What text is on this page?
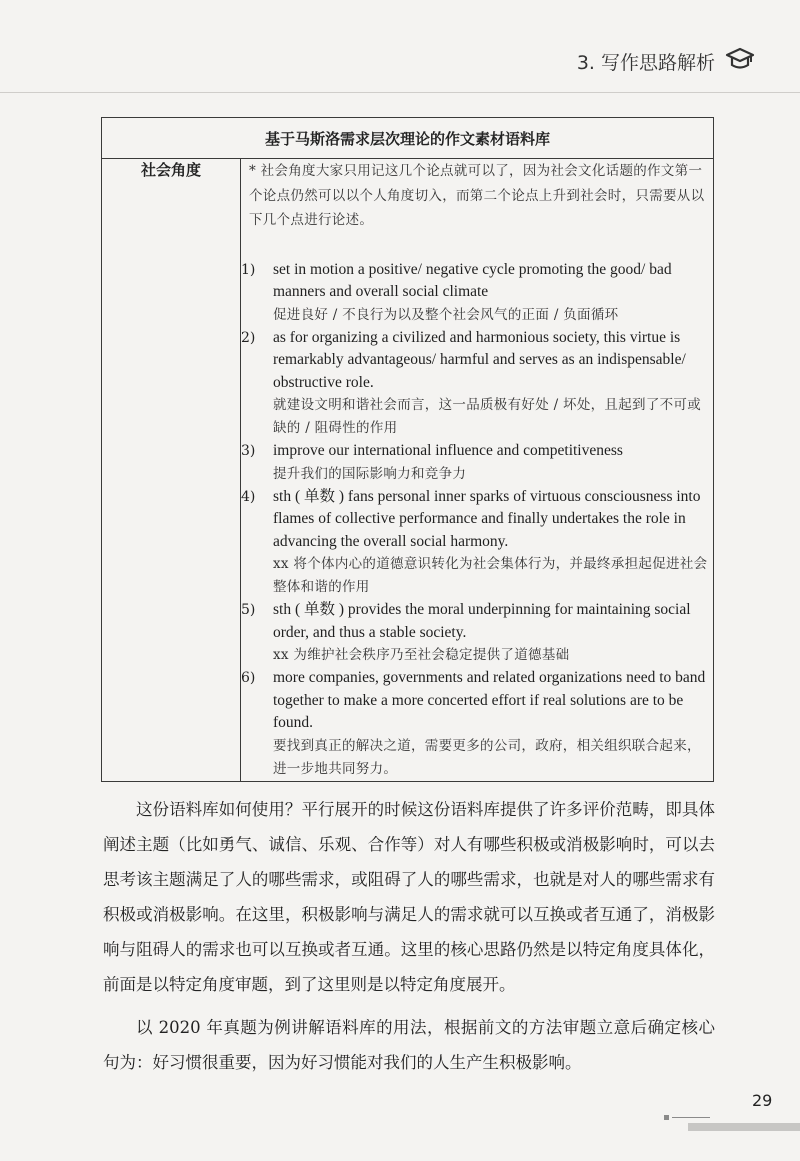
3. 写作思路解析
基于马斯洛需求层次理论的作文素材语料库
社会角度	* 社会角度大家只用记这几个论点就可以了，因为社会文化话题的作文第一个论点仍然可以以个人角度切入，而第二个论点上升到社会时，只需要从以下几个点进行论述。

1)	set in motion a positive/ negative cycle promoting the good/ bad manners and overall social climate
促进良好 / 不良行为以及整个社会风气的正面 / 负面循环
2)	as for organizing a civilized and harmonious society, this virtue is remarkably advantageous/ harmful and serves as an indispensable/ obstructive role.
就建设文明和谐社会而言，这一品质极有好处 / 坏处，且起到了不可或缺的 / 阻碍性的作用
3)	improve our international influence and competitiveness
提升我们的国际影响力和竞争力
4)	sth ( 单数 ) fans personal inner sparks of virtuous consciousness into flames of collective performance and finally undertakes the role in advancing the overall social harmony.
xx 将个体内心的道德意识转化为社会集体行为，并最终承担起促进社会整体和谐的作用
5)	sth ( 单数 ) provides the moral underpinning for maintaining social order, and thus a stable society.
xx 为维护社会秩序乃至社会稳定提供了道德基础
6)	more companies, governments and related organizations need to band together to make a more concerted effort if real solutions are to be found.
要找到真正的解决之道，需要更多的公司，政府，相关组织联合起来，进一步地共同努力。

这份语料库如何使用？平行展开的时候这份语料库提供了许多评价范畴，即具体阐述主题（比如勇气、诚信、乐观、合作等）对人有哪些积极或消极影响时，可以去思考该主题满足了人的哪些需求，或阻碍了人的哪些需求，也就是对人的哪些需求有积极或消极影响。在这里，积极影响与满足人的需求就可以互换或者互通了，消极影响与阻碍人的需求也可以互换或者互通。这里的核心思路仍然是以特定角度具体化，前面是以特定角度审题，到了这里则是以特定角度展开。

以 2020 年真题为例讲解语料库的用法，根据前文的方法审题立意后确定核心句为：好习惯很重要，因为好习惯能对我们的人生产生积极影响。

29
